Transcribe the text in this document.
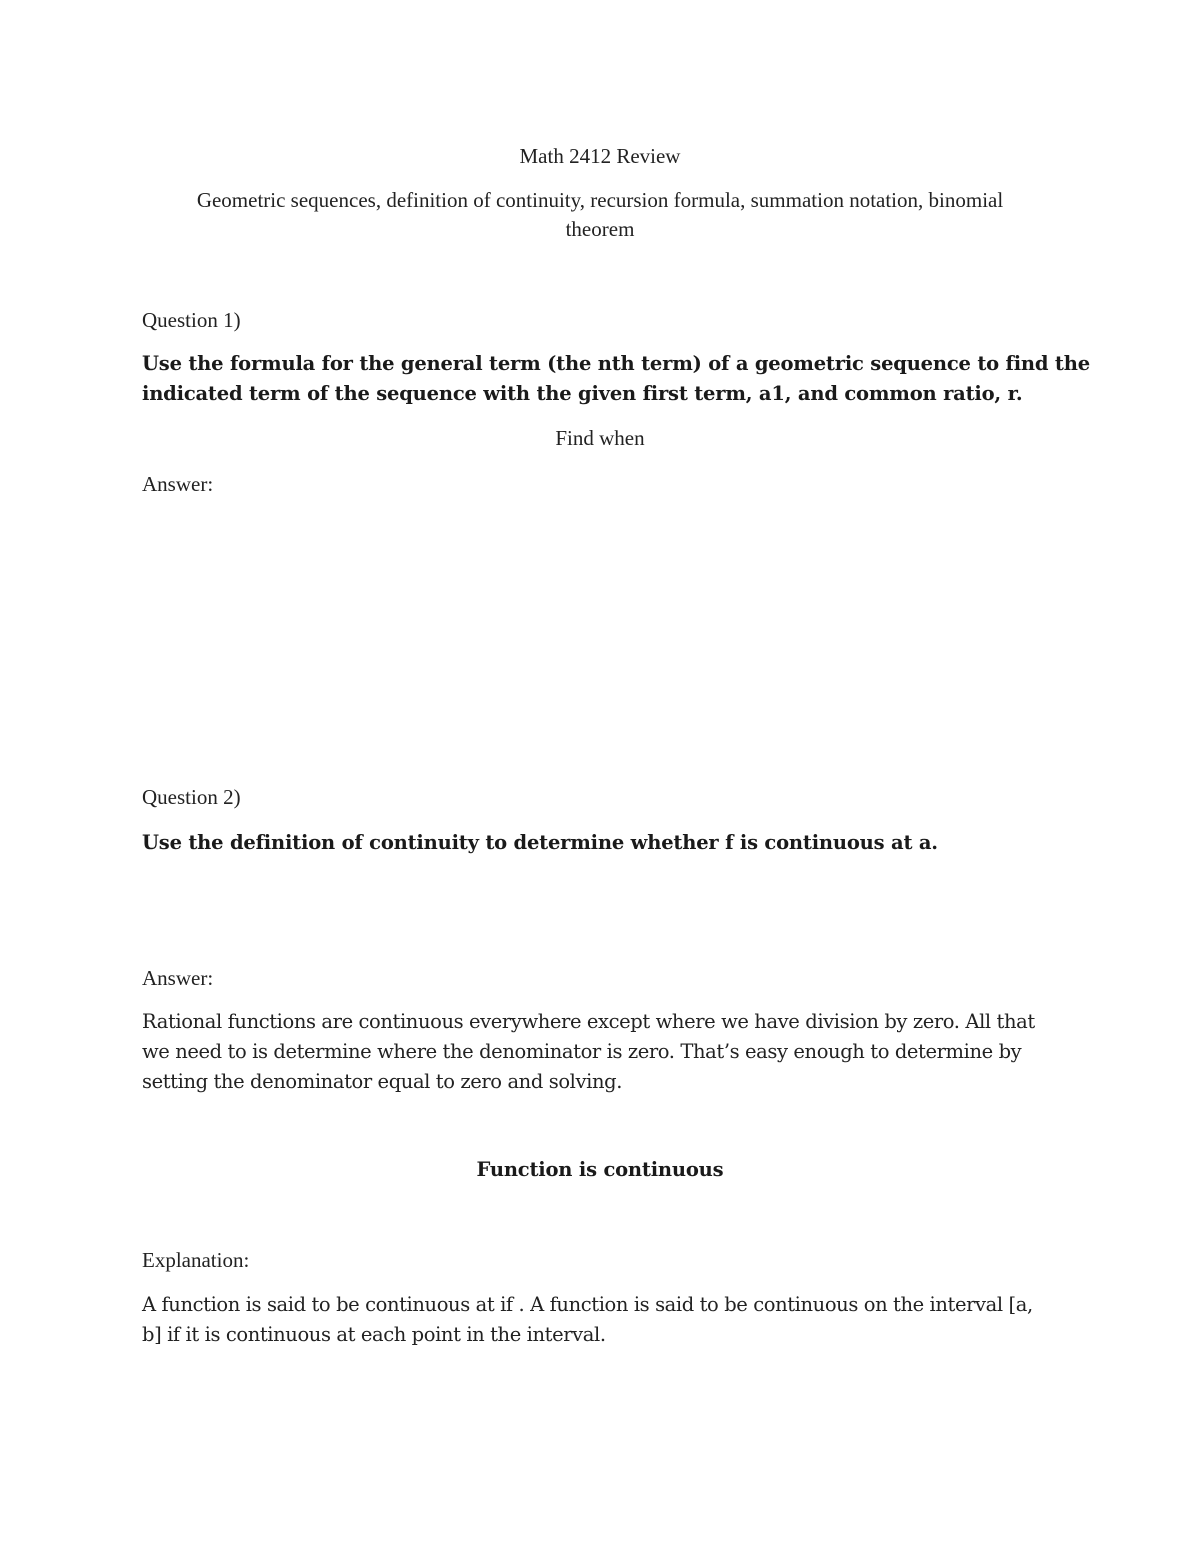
Math 2412 Review
Geometric sequences, definition of continuity, recursion formula, summation notation, binomial
theorem
Question 1)
Use the formula for the general term (the nth term) of a geometric sequence to find the
indicated term of the sequence with the given first term, a1, and common ratio, r.
Find when
Answer:
Question 2)
Use the definition of continuity to determine whether f is continuous at a.
Answer:
Rational functions are continuous everywhere except where we have division by zero. All that
we need to is determine where the denominator is zero. That’s easy enough to determine by
setting the denominator equal to zero and solving.
Function is continuous
Explanation:
A function is said to be continuous at if . A function is said to be continuous on the interval [a,
b] if it is continuous at each point in the interval.
